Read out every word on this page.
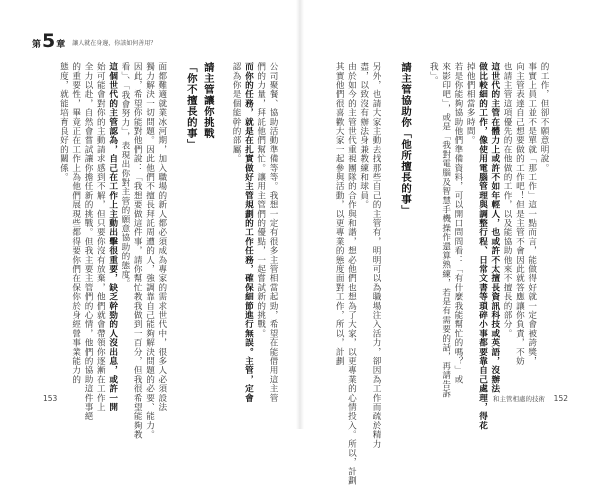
第 5 章 讓人就在身邊，你該如何善用？
公司聚餐、協助活動準備等等。我想一定有很多主管相當起勁，希望在能借用這主管
們的力量，拜託他們幫忙。讓用主管們的優點，一起嘗試新的挑戰。
而你的任務，就是在扎實做好主管規劃的工作任務，確保細節進行無誤。主管，定會
認為你是個能幹的部屬。
請主管讓你挑戰
「你不擅長的事」
面都難適就業冰河期，加入職場的新人都必須成為專家的需求世代中，很多人必須設法
獨力解決一切問題。因此他們不擅長拜託周遭的人，強調靠自己能夠解決問題的必要、能力。
因此，希望你能對他們說：「我想要做這件事，請你幫忙教我做到一百分，但我很希望能夠教
看」、「我會努力」，表現出你對主管的願意協助的態度。
這個世代的主管認為，自己在工作上主動出擊很重要，缺乏幹勁的人沒出息，或許一開
始可能會對你的主動請求感到不解，但只要你沒有放棄，他們就會帶領你逐漸在工作上
全力以赴，自然會嘗試讓你擔任新的挑戰。但我主要主管們的心情，他們的協助這件事絕
的重要性，畢竟正在工作上為他們展現些都得要你們在保你於身經營事業能力的
態度，就能培育良好的關係。	的工作，但卻不願意明說。
事實上員工並不是單就「那工作」這一點而言，能做得好就一定會被誇獎，
向主管表達自己想要做的工作吧！但是主管不會因此就答應讓你負責，不妨
也請主管這項優先的在他做的工作，以及能協助他來不擅長的部分。
這世代的主管在體力上或許不如年輕人，也或許不太擅長資訊科技或英語，沒辦法
做比較細的工作，像使用電腦管理與調整行程、日常文書等瑣碎小事都要靠自己處理，得花
掉他們相當多時間。
若是你能夠協助他們準備資料，可以開口問問看：「有什麼我能幫忙的嗎？」或
來影印吧」，或是「我對電腦及智慧手機操作還算熟練，若是有需要的話，再請告訴
我」。
請主管協助你「他所擅長的事」
另外，也請大家主動去找那些自己的主管有，明明可以為職場注入活力，卻因為工作而疏於精力
盡，以致沒有辦法身兼教練和球員。
由於如今的主管世代重視團隊的合作與和諧，想必他們也想為了大家，以更專業的心情投入。所以，計劃
其實他們很喜歡大家一起參與活動，以更專業的態度面對工作，所以，計劃
153	和主管相處的技術 152
